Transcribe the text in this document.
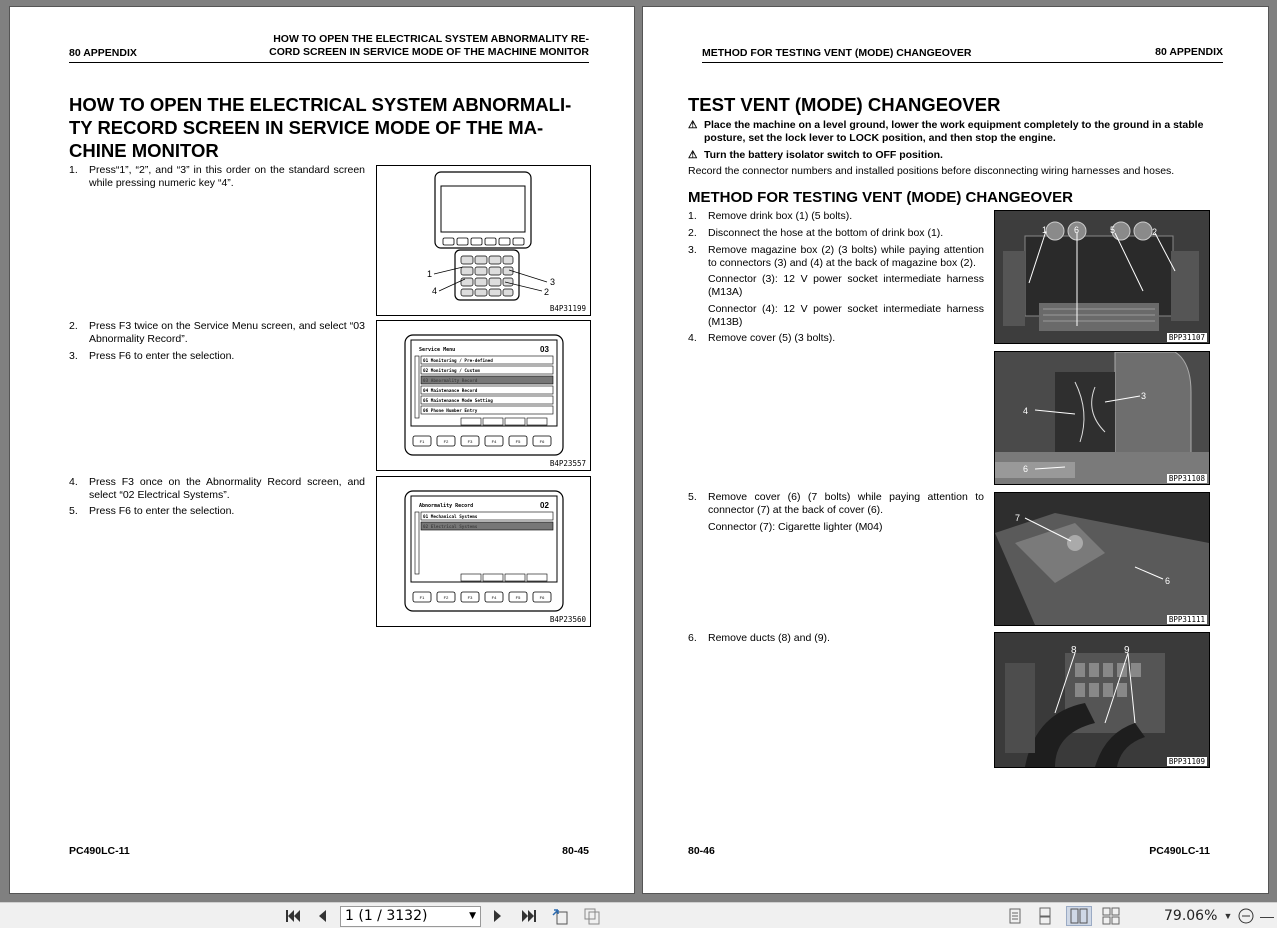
80 APPENDIX
HOW TO OPEN THE ELECTRICAL SYSTEM ABNORMALITY RE-
CORD SCREEN IN SERVICE MODE OF THE MACHINE MONITOR
HOW TO OPEN THE ELECTRICAL SYSTEM ABNORMALI-
TY RECORD SCREEN IN SERVICE MODE OF THE MA-
CHINE MONITOR
1. Press“1”, “2”, and “3” in this order on the standard screen while pressing numeric key “4”.
2. Press F3 twice on the Service Menu screen, and select “03 Abnormality Record”.
3. Press F6 to enter the selection.
4. Press F3 once on the Abnormality Record screen, and select “02 Electrical Systems”.
5. Press F6 to enter the selection.
1
4
3
2
B4P31199
Service Menu	03
01 Monitoring / Pre-defined
02 Monitoring / Custom
03 Abnormality Record
04 Maintenance Record
05 Maintenance Mode Setting
06 Phone Number Entry
F1	F2	F3	F4	F5	F6
B4P23557
Abnormality Record	02
01 Mechanical Systems
02 Electrical Systems
F1	F2	F3	F4	F5	F6
B4P23560
PC490LC-11	80-45
METHOD FOR TESTING VENT (MODE) CHANGEOVER	80 APPENDIX
TEST VENT (MODE) CHANGEOVER
⚠ Place the machine on a level ground, lower the work equipment completely to the ground in a stable posture, set the lock lever to LOCK position, and then stop the engine.
⚠ Turn the battery isolator switch to OFF position.
Record the connector numbers and installed positions before disconnecting wiring harnesses and hoses.
METHOD FOR TESTING VENT (MODE) CHANGEOVER
1. Remove drink box (1) (5 bolts).
2. Disconnect the hose at the bottom of drink box (1).
3. Remove magazine box (2) (3 bolts) while paying attention to connectors (3) and (4) at the back of magazine box (2).
Connector (3): 12 V power socket intermediate harness (M13A)
Connector (4): 12 V power socket intermediate harness (M13B)
4. Remove cover (5) (3 bolts).
5. Remove cover (6) (7 bolts) while paying attention to connector (7) at the back of cover (6).
Connector (7): Cigarette lighter (M04)
6. Remove ducts (8) and (9).
1	6	5	2
BPP31107
4
3
6
BPP31108
7
6
BPP31111
8	9
BPP31109
80-46	PC490LC-11
1 (1 / 3132)	▼	79.06% ▼ —
